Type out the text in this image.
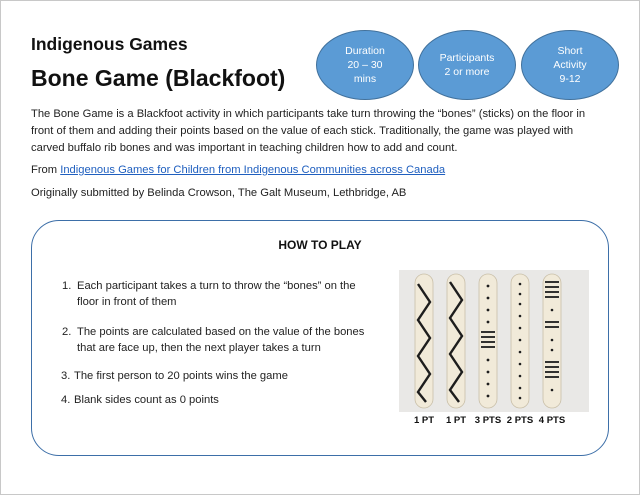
Indigenous Games
Bone Game (Blackfoot)
Duration
20 – 30
mins
Participants
2 or more
Short
Activity
9-12
The Bone Game is a Blackfoot activity in which participants take turn throwing the “bones” (sticks) on the floor in front of them and adding their points based on the value of each stick. Traditionally, the game was played with carved buffalo rib bones and was important in teaching children how to add and count.
From Indigenous Games for Children from Indigenous Communities across Canada
Originally submitted by Belinda Crowson, The Galt Museum, Lethbridge, AB
HOW TO PLAY
1. Each participant takes a turn to throw the “bones” on the floor in front of them
2. The points are calculated based on the value of the bones that are face up, then the next player takes a turn
3. The first person to 20 points wins the game
4. Blank sides count as 0 points
1 PT 1 PT 3 PTS 2 PTS 4 PTS
